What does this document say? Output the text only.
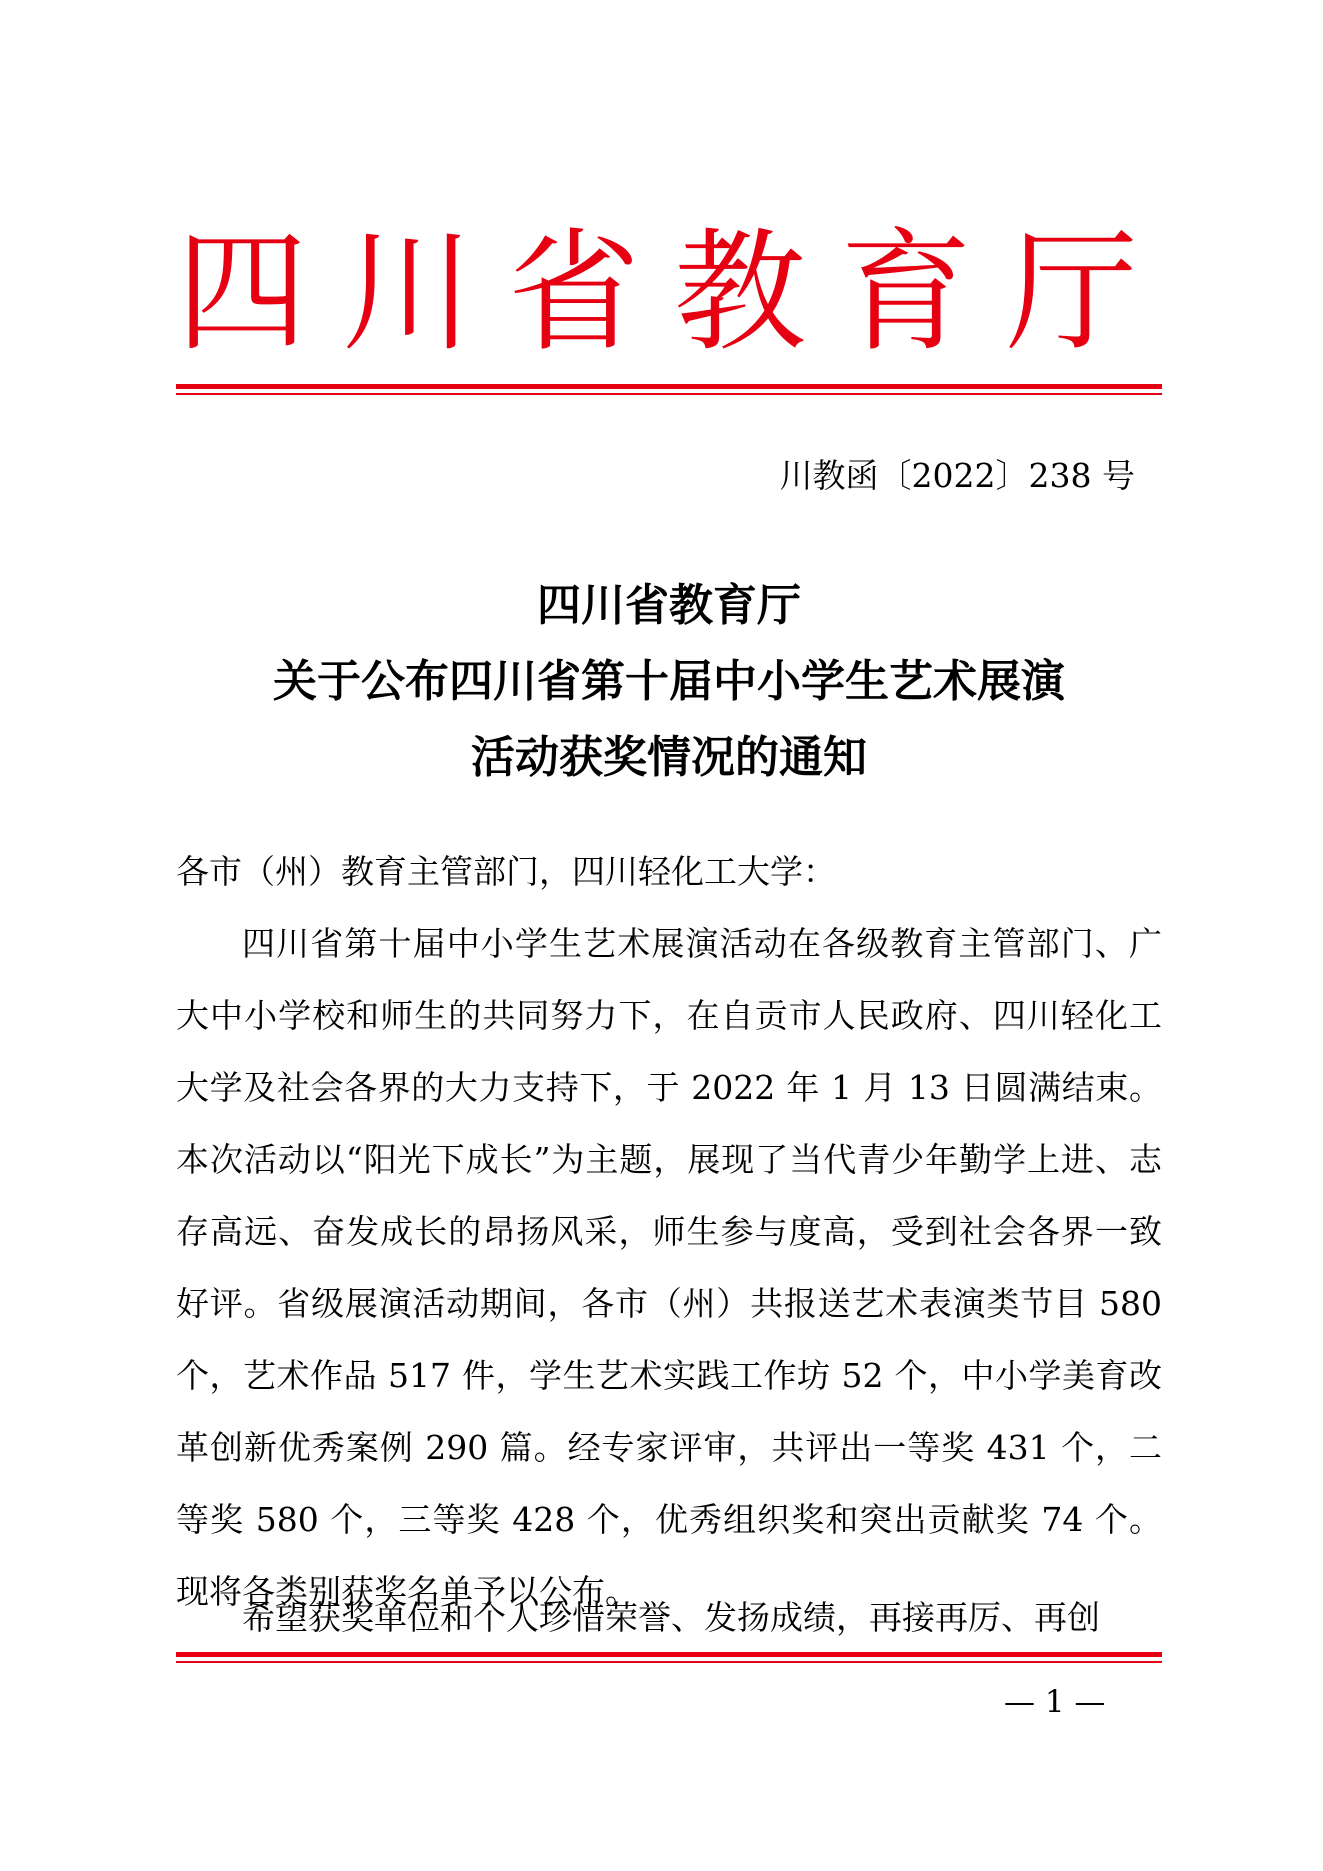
四川省教育厅
川教函〔2022〕238 号
四川省教育厅
关于公布四川省第十届中小学生艺术展演
活动获奖情况的通知
各市（州）教育主管部门，四川轻化工大学：

四川省第十届中小学生艺术展演活动在各级教育主管部门、广大中小学校和师生的共同努力下，在自贡市人民政府、四川轻化工大学及社会各界的大力支持下，于 2022 年 1 月 13 日圆满结束。本次活动以“阳光下成长”为主题，展现了当代青少年勤学上进、志存高远、奋发成长的昂扬风采，师生参与度高，受到社会各界一致好评。省级展演活动期间，各市（州）共报送艺术表演类节目 580 个，艺术作品 517 件，学生艺术实践工作坊 52 个，中小学美育改革创新优秀案例 290 篇。经专家评审，共评出一等奖 431 个，二等奖 580 个，三等奖 428 个，优秀组织奖和突出贡献奖 74 个。现将各类别获奖名单予以公布。

希望获奖单位和个人珍惜荣誉、发扬成绩，再接再厉、再创

— 1 —
